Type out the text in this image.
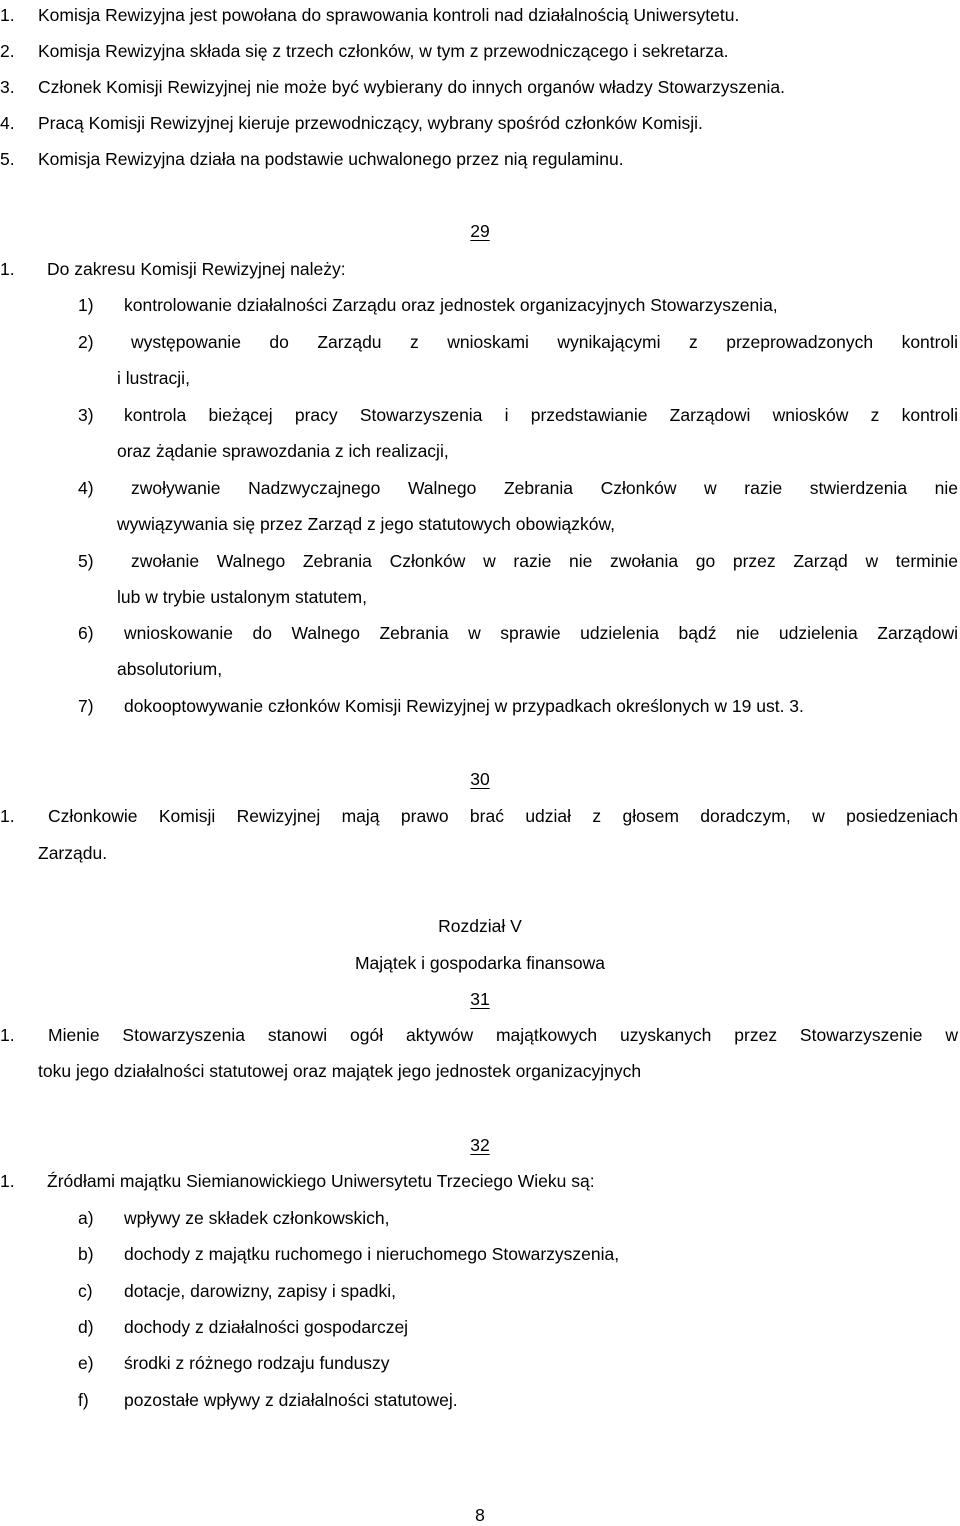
1. Komisja Rewizyjna jest powołana do sprawowania kontroli nad działalnością Uniwersytetu.
2. Komisja Rewizyjna składa się z trzech członków, w tym z przewodniczącego i sekretarza.
3. Członek Komisji Rewizyjnej nie może być wybierany do innych organów władzy Stowarzyszenia.
4. Pracą Komisji Rewizyjnej kieruje przewodniczący, wybrany spośród członków Komisji.
5. Komisja Rewizyjna działa na podstawie uchwalonego przez nią regulaminu.
29
1. Do zakresu Komisji Rewizyjnej należy:
1) kontrolowanie działalności Zarządu oraz jednostek organizacyjnych Stowarzyszenia,
2) występowanie do Zarządu z wnioskami wynikającymi z przeprowadzonych kontroli
i lustracji,
3) kontrola bieżącej pracy Stowarzyszenia i przedstawianie Zarządowi wniosków z kontroli
oraz żądanie sprawozdania z ich realizacji,
4) zwoływanie Nadzwyczajnego Walnego Zebrania Członków w razie stwierdzenia nie
wywiązywania się przez Zarząd z jego statutowych obowiązków,
5) zwołanie Walnego Zebrania Członków w razie nie zwołania go przez Zarząd w terminie
lub w trybie ustalonym statutem,
6) wnioskowanie do Walnego Zebrania w sprawie udzielenia bądź nie udzielenia Zarządowi
absolutorium,
7) dokooptowywanie członków Komisji Rewizyjnej w przypadkach określonych w 19 ust. 3.
30
1. Członkowie Komisji Rewizyjnej mają prawo brać udział z głosem doradczym, w posiedzeniach
Zarządu.
Rozdział V
Majątek i gospodarka finansowa
31
1. Mienie Stowarzyszenia stanowi ogół aktywów majątkowych uzyskanych przez Stowarzyszenie w
toku jego działalności statutowej oraz majątek jego jednostek organizacyjnych
32
1. Źródłami majątku Siemianowickiego Uniwersytetu Trzeciego Wieku są:
a) wpływy ze składek członkowskich,
b) dochody z majątku ruchomego i nieruchomego Stowarzyszenia,
c) dotacje, darowizny, zapisy i spadki,
d) dochody z działalności gospodarczej
e) środki z różnego rodzaju funduszy
f) pozostałe wpływy z działalności statutowej.
8
